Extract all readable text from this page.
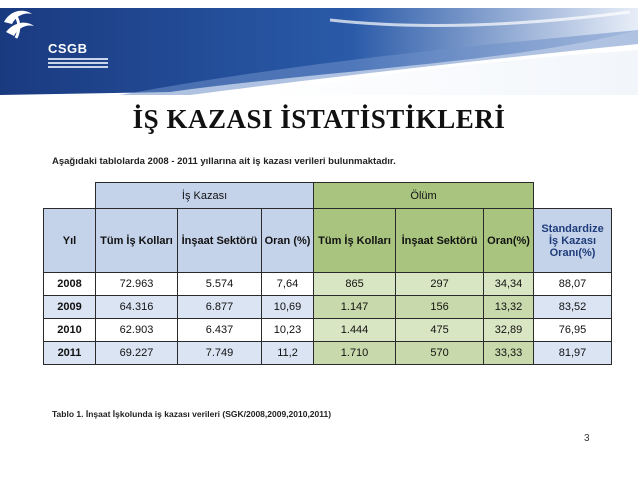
CSGB
İŞ KAZASI İSTATİSTİKLERİ
Aşağıdaki tablolarda 2008 - 2011 yıllarına ait iş kazası verileri bulunmaktadır.
	İş Kazası			Ölüm			
Yıl	Tüm İş Kolları	İnşaat Sektörü	Oran (%)	Tüm İş Kolları	İnşaat Sektörü	Oran(%)	Standardize
İş Kazası
Oranı(%)

2008	72.963	5.574	7,64	865	297	34,34	88,07
2009	64.316	6.877	10,69	1.147	156	13,32	83,52
2010	62.903	6.437	10,23	1.444	475	32,89	76,95
2011	69.227	7.749	11,2	1.710	570	33,33	81,97
Tablo 1. İnşaat İşkolunda iş kazası verileri (SGK/2008,2009,2010,2011)
3
